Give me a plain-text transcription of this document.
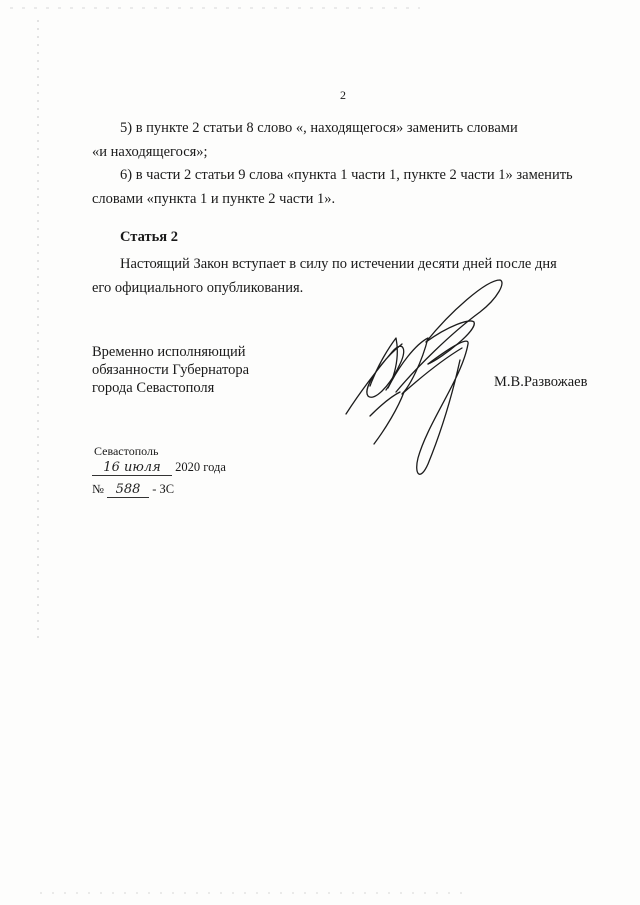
2
5) в пункте 2 статьи 8 слово «, находящегося» заменить словами
«и находящегося»;
6) в части 2 статьи 9 слова «пункта 1 части 1, пункте 2 части 1» заменить
словами «пункта 1 и пункте 2 части 1».
Статья 2
Настоящий Закон вступает в силу по истечении десяти дней после дня
его официального опубликования.
Временно исполняющий
обязанности Губернатора
города Севастополя	М.В.Развожаев
Севастополь
16 июля 2020 года
№ 588 - ЗС
